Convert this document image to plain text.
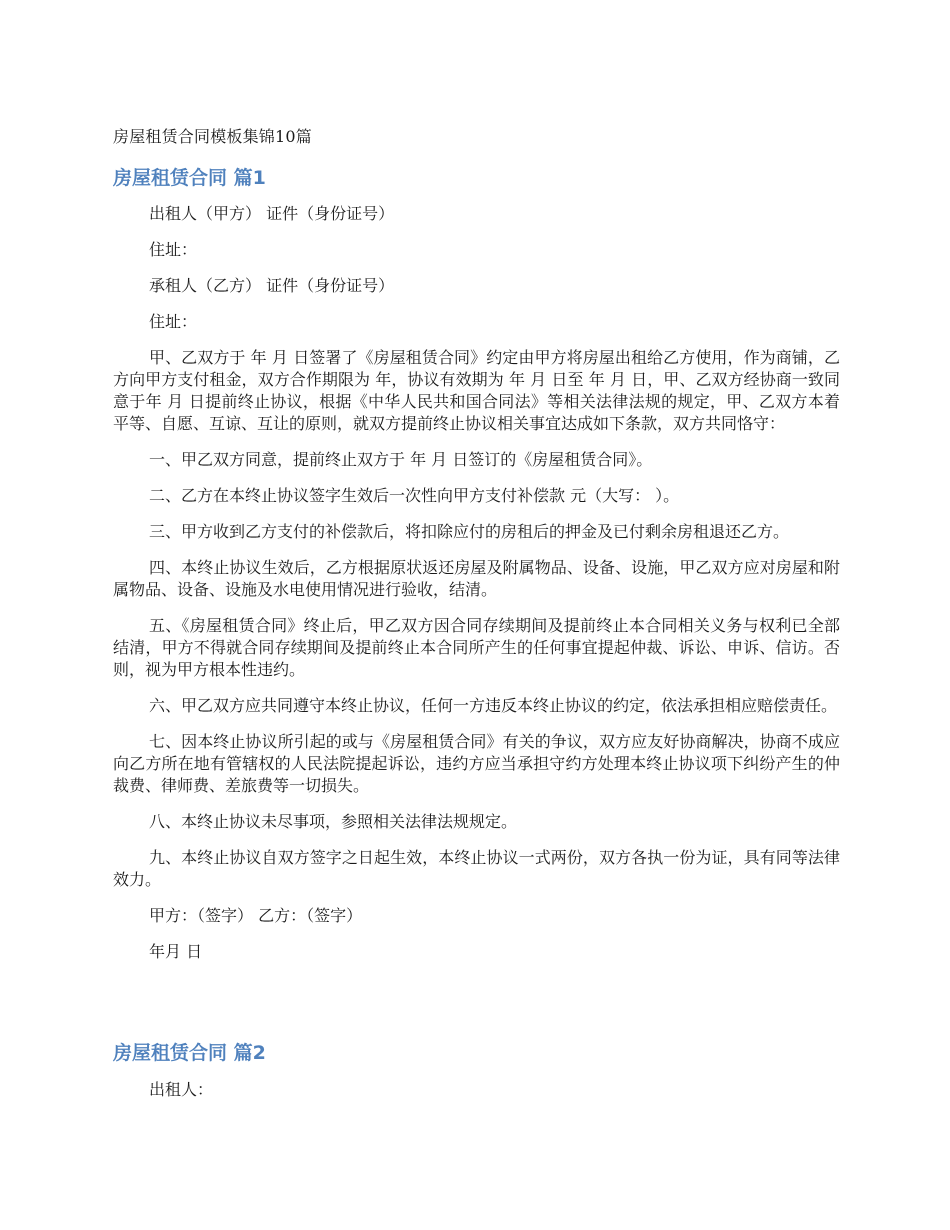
房屋租赁合同模板集锦10篇
房屋租赁合同 篇1

出租人（甲方） 证件（身份证号）

住址：

承租人（乙方） 证件（身份证号）

住址：

甲、乙双方于 年 月 日签署了《房屋租赁合同》约定由甲方将房屋出租给乙方使用，作为商铺，乙方向甲方支付租金，双方合作期限为 年，协议有效期为 年 月 日至 年 月 日，甲、乙双方经协商一致同意于年 月 日提前终止协议，根据《中华人民共和国合同法》等相关法律法规的规定，甲、乙双方本着平等、自愿、互谅、互让的原则，就双方提前终止协议相关事宜达成如下条款，双方共同恪守：

一、甲乙双方同意，提前终止双方于 年 月 日签订的《房屋租赁合同》。

二、乙方在本终止协议签字生效后一次性向甲方支付补偿款 元（大写： ）。

三、甲方收到乙方支付的补偿款后，将扣除应付的房租后的押金及已付剩余房租退还乙方。

四、本终止协议生效后，乙方根据原状返还房屋及附属物品、设备、设施，甲乙双方应对房屋和附属物品、设备、设施及水电使用情况进行验收，结清。

五、《房屋租赁合同》终止后，甲乙双方因合同存续期间及提前终止本合同相关义务与权利已全部结清，甲方不得就合同存续期间及提前终止本合同所产生的任何事宜提起仲裁、诉讼、申诉、信访。否则，视为甲方根本性违约。

六、甲乙双方应共同遵守本终止协议，任何一方违反本终止协议的约定，依法承担相应赔偿责任。

七、因本终止协议所引起的或与《房屋租赁合同》有关的争议，双方应友好协商解决，协商不成应向乙方所在地有管辖权的人民法院提起诉讼，违约方应当承担守约方处理本终止协议项下纠纷产生的仲裁费、律师费、差旅费等一切损失。

八、本终止协议未尽事项，参照相关法律法规规定。

九、本终止协议自双方签字之日起生效，本终止协议一式两份，双方各执一份为证，具有同等法律效力。

甲方：（签字） 乙方：（签字）

年月 日

房屋租赁合同 篇2

出租人：
